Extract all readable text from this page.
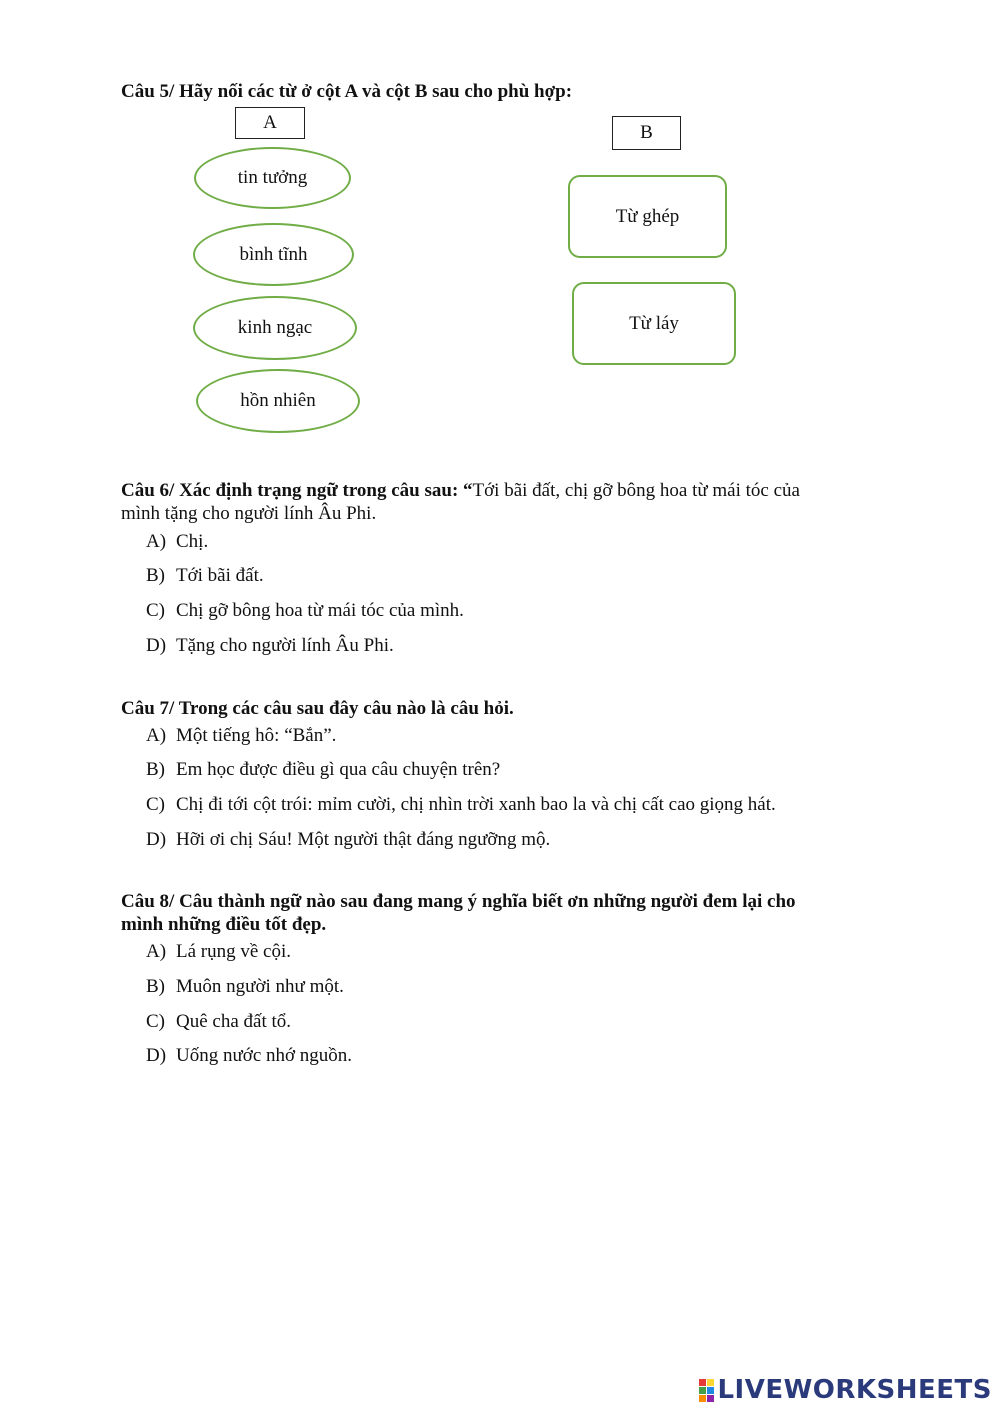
Câu 5/ Hãy nối các từ ở cột A và cột B sau cho phù hợp:
A	B
tin tưởng
bình tĩnh
kinh ngạc
hồn nhiên
Từ ghép
Từ láy
Câu 6/ Xác định trạng ngữ trong câu sau: “Tới bãi đất, chị gỡ bông hoa từ mái tóc của
mình tặng cho người lính Âu Phi.
A) Chị.
B) Tới bãi đất.
C) Chị gỡ bông hoa từ mái tóc của mình.
D) Tặng cho người lính Âu Phi.
Câu 7/ Trong các câu sau đây câu nào là câu hỏi.
A) Một tiếng hô: “Bắn”.
B) Em học được điều gì qua câu chuyện trên?
C) Chị đi tới cột trói: mỉm cười, chị nhìn trời xanh bao la và chị cất cao giọng hát.
D) Hỡi ơi chị Sáu! Một người thật đáng ngưỡng mộ.
Câu 8/ Câu thành ngữ nào sau đang mang ý nghĩa biết ơn những người đem lại cho
mình những điều tốt đẹp.
A) Lá rụng về cội.
B) Muôn người như một.
C) Quê cha đất tổ.
D) Uống nước nhớ nguồn.
LIVEWORKSHEETS
